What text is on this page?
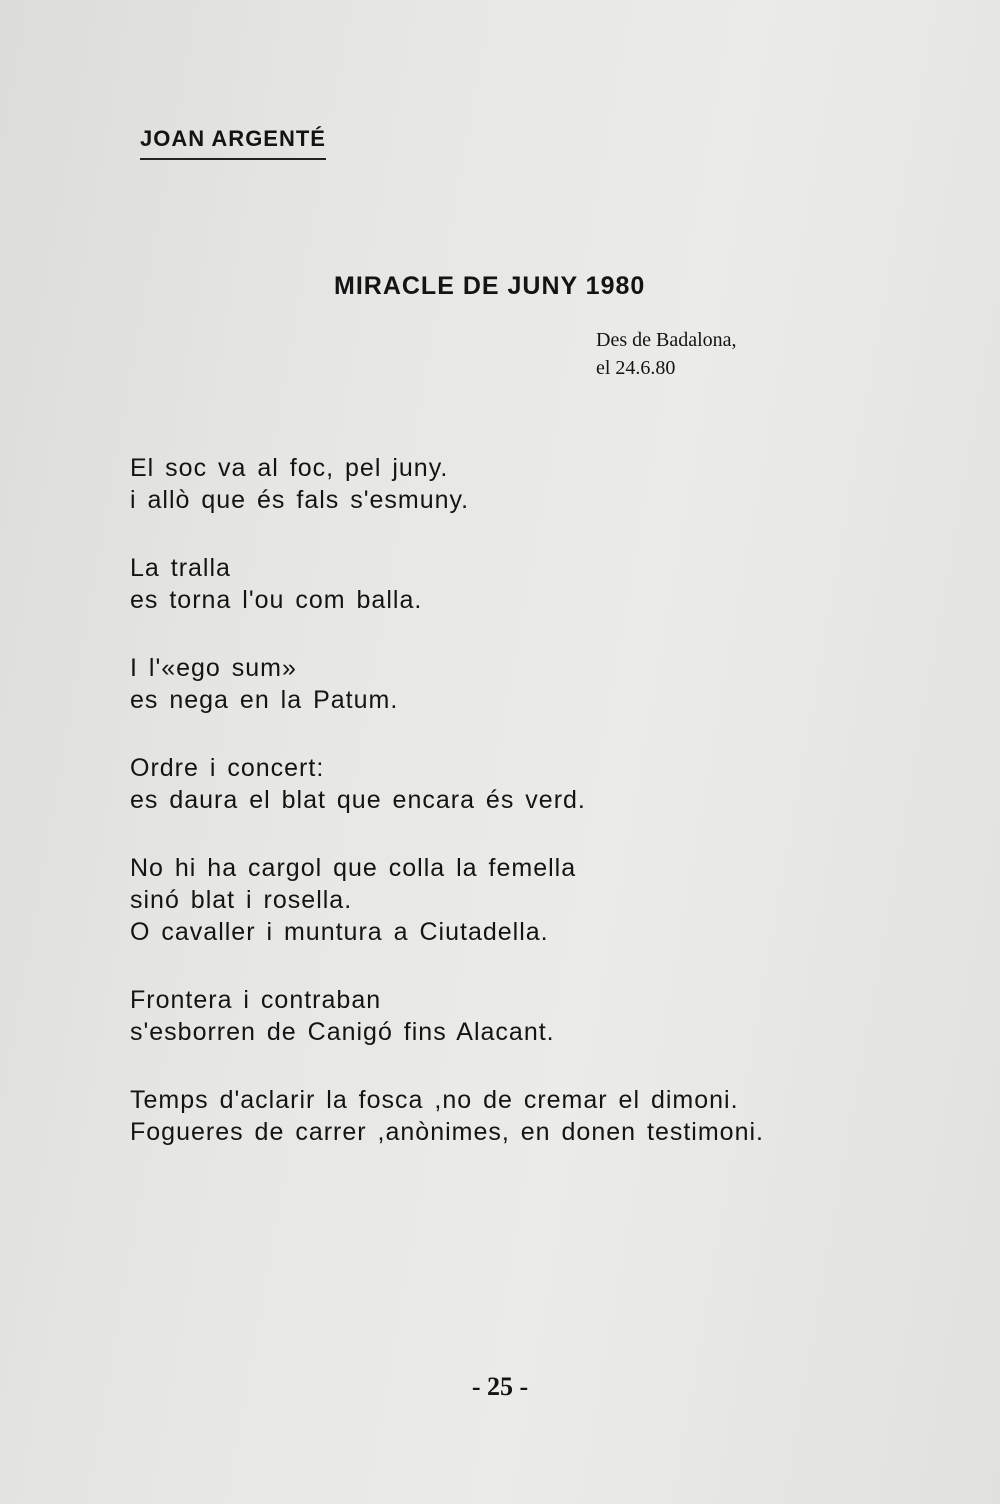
JOAN ARGENTÉ
MIRACLE DE JUNY 1980
Des de Badalona,
el 24.6.80
El soc va al foc, pel juny.
i allò que és fals s'esmuny.
La tralla
es torna l'ou com balla.
I l'«ego sum»
es nega en la Patum.
Ordre i concert:
es daura el blat que encara és verd.
No hi ha cargol que colla la femella
sinó blat i rosella.
O cavaller i muntura a Ciutadella.
Frontera i contraban
s'esborren de Canigó fins Alacant.
Temps d'aclarir la fosca ,no de cremar el dimoni.
Fogueres de carrer ,anònimes, en donen testimoni.
- 25 -
